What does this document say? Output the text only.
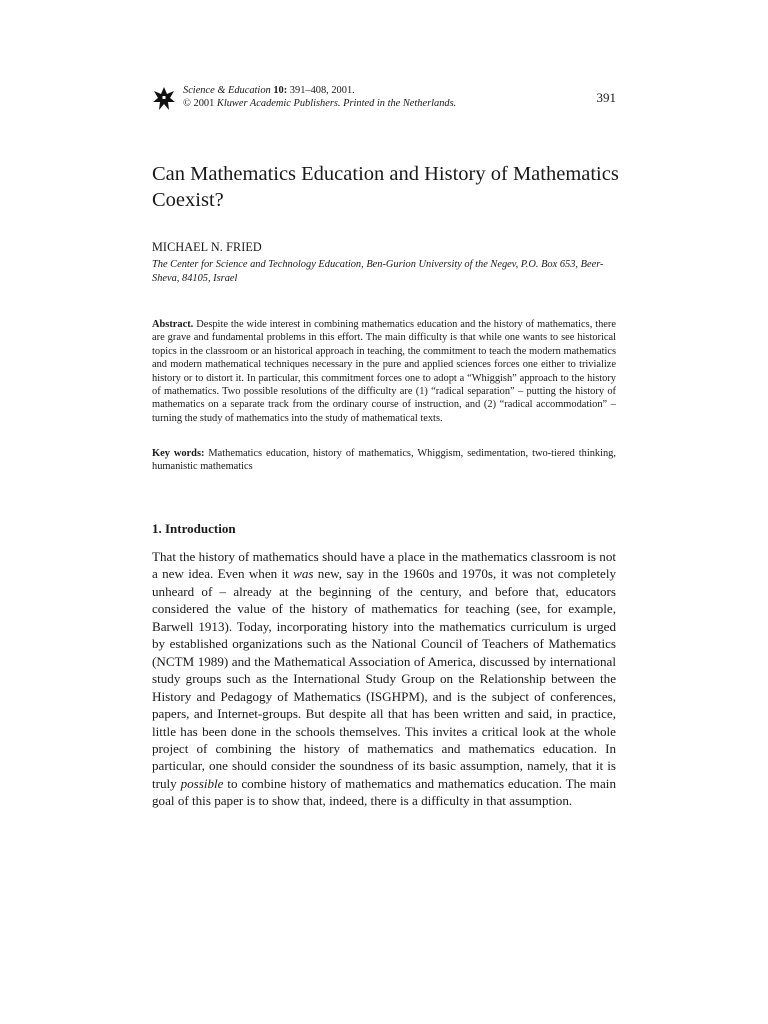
Science & Education 10: 391–408, 2001.
© 2001 Kluwer Academic Publishers. Printed in the Netherlands.	391
Can Mathematics Education and History of Mathematics Coexist?
MICHAEL N. FRIED
The Center for Science and Technology Education, Ben-Gurion University of the Negev, P.O. Box 653, Beer-Sheva, 84105, Israel
Abstract. Despite the wide interest in combining mathematics education and the history of mathematics, there are grave and fundamental problems in this effort. The main difficulty is that while one wants to see historical topics in the classroom or an historical approach in teaching, the commitment to teach the modern mathematics and modern mathematical techniques necessary in the pure and applied sciences forces one either to trivialize history or to distort it. In particular, this commitment forces one to adopt a “Whiggish” approach to the history of mathematics. Two possible resolutions of the difficulty are (1) “radical separation” – putting the history of mathematics on a separate track from the ordinary course of instruction, and (2) “radical accommodation” – turning the study of mathematics into the study of mathematical texts.
Key words: Mathematics education, history of mathematics, Whiggism, sedimentation, two-tiered thinking, humanistic mathematics
1. Introduction

That the history of mathematics should have a place in the mathematics classroom is not a new idea. Even when it was new, say in the 1960s and 1970s, it was not completely unheard of – already at the beginning of the century, and before that, educators considered the value of the history of mathematics for teaching (see, for example, Barwell 1913). Today, incorporating history into the mathematics curriculum is urged by established organizations such as the National Council of Teachers of Mathematics (NCTM 1989) and the Mathematical Association of America, discussed by international study groups such as the International Study Group on the Relationship between the History and Pedagogy of Mathematics (ISGHPM), and is the subject of conferences, papers, and Internet-groups. But despite all that has been written and said, in practice, little has been done in the schools themselves. This invites a critical look at the whole project of combining the history of mathematics and mathematics education. In particular, one should consider the soundness of its basic assumption, namely, that it is truly possible to combine history of mathematics and mathematics education. The main goal of this paper is to show that, indeed, there is a difficulty in that assumption.
